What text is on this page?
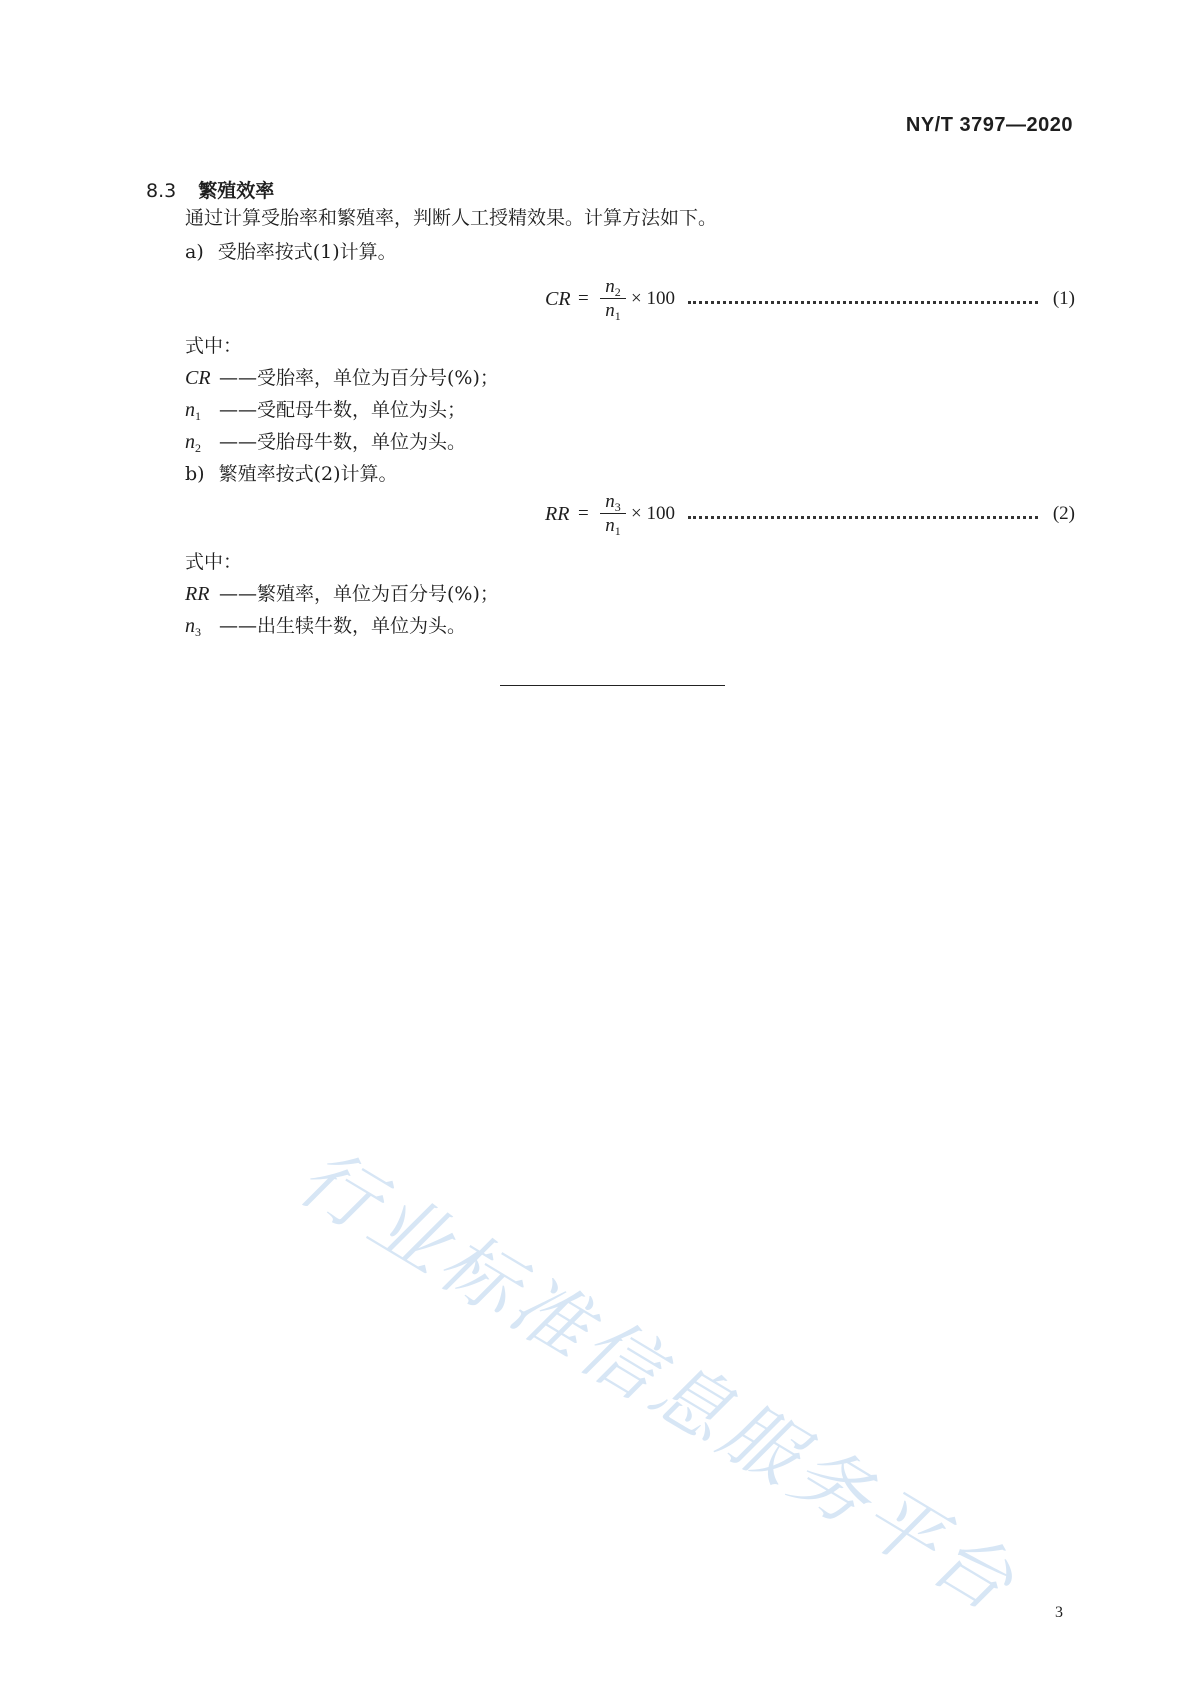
NY/T 3797—2020
8.3 繁殖效率
通过计算受胎率和繁殖率，判断人工授精效果。计算方法如下。
a) 受胎率按式(1)计算。
CR =
$n_2$
$n_1$
× 100	(1)
式中：
CR ——受胎率，单位为百分号(%)；
$n_1$ ——受配母牛数，单位为头；
$n_2$ ——受胎母牛数，单位为头。
b) 繁殖率按式(2)计算。
RR =
$n_3$
$n_1$
× 100	(2)
式中：
RR ——繁殖率，单位为百分号(%)；
$n_3$ ——出生犊牛数，单位为头。
行业标准信息服务平台	3
